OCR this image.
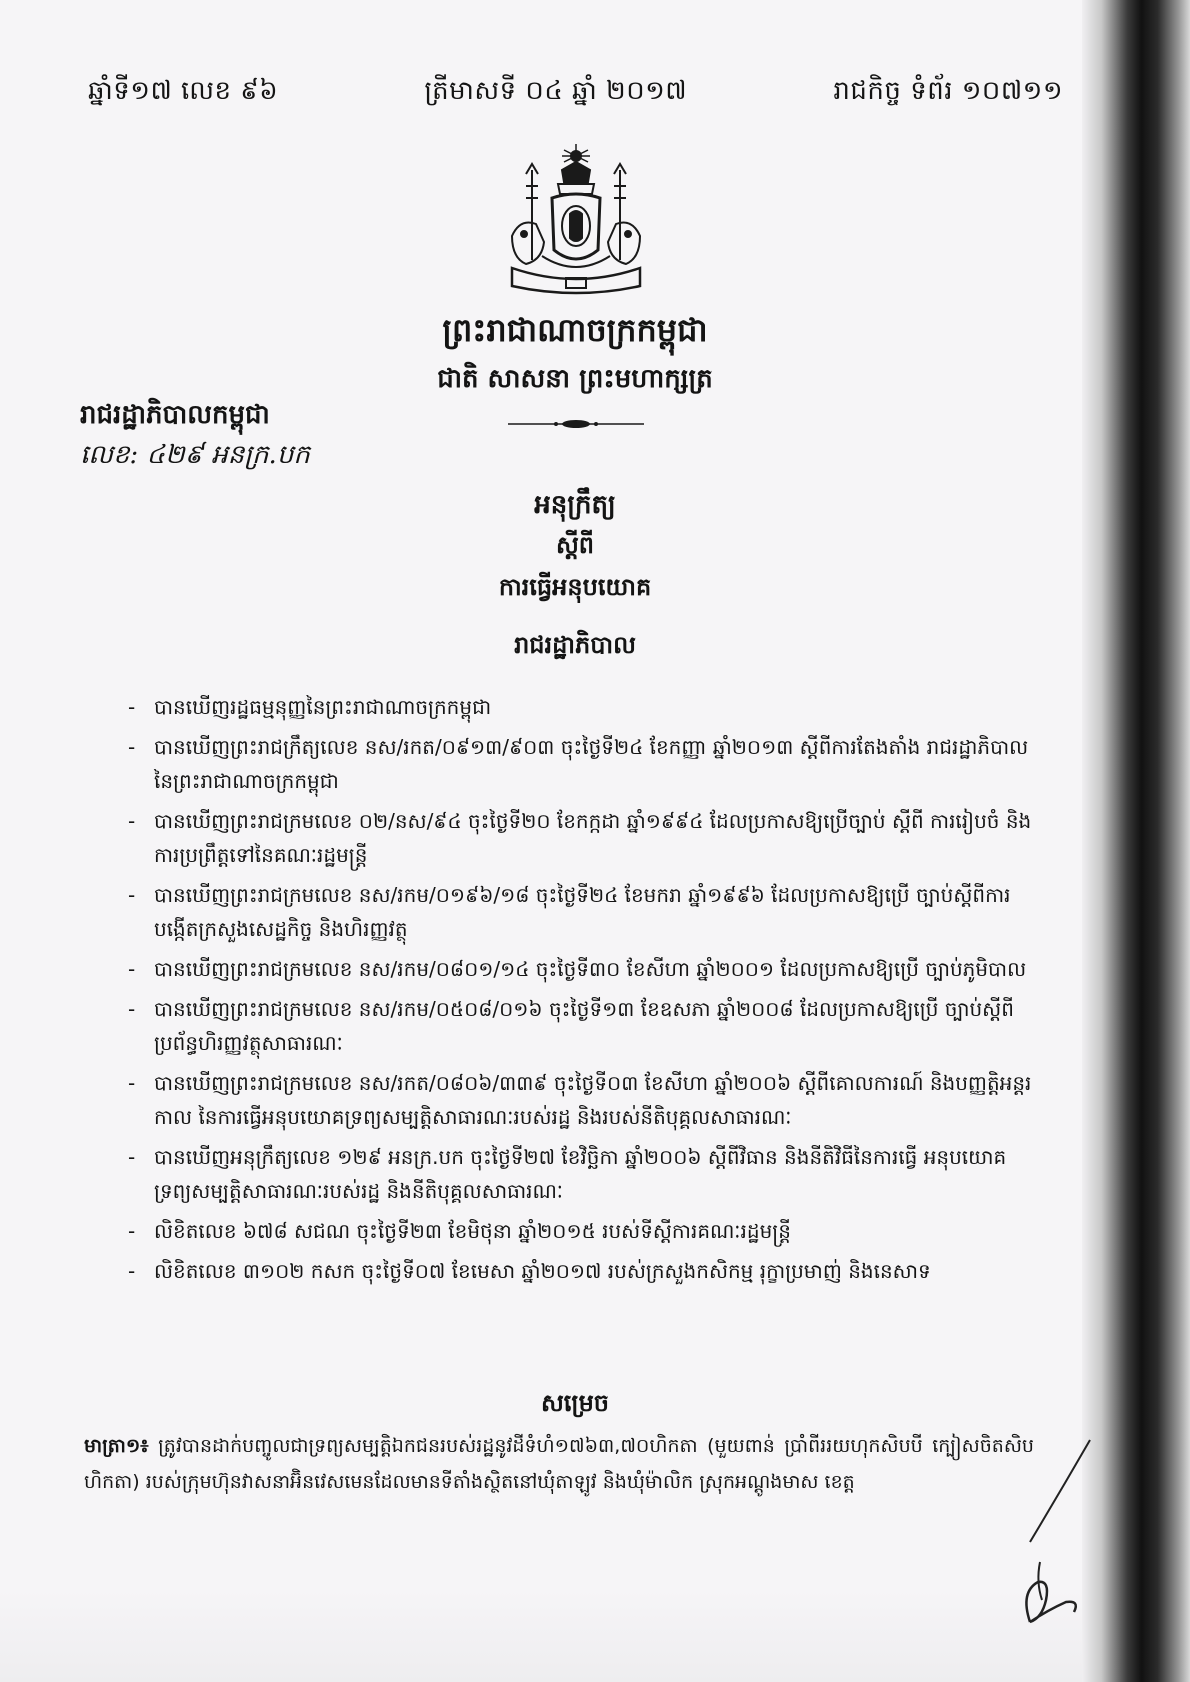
ឆ្នាំទី១៧ លេខ ៩៦	ត្រីមាសទី ០៤ ឆ្នាំ ២០១៧	រាជកិច្ច ទំព័រ ១០៧១១
ព្រះរាជាណាចក្រកម្ពុជា
ជាតិ សាសនា ព្រះមហាក្សត្រ
រាជរដ្ឋាភិបាលកម្ពុជា
លេខ: ៤២៩ អនក្រ.បក
អនុក្រឹត្យ
ស្តីពី
ការធ្វើអនុបយោគ
រាជរដ្ឋាភិបាល
- បានឃើញរដ្ឋធម្មនុញ្ញនៃព្រះរាជាណាចក្រកម្ពុជា
- បានឃើញព្រះរាជក្រឹត្យលេខ នស/រកត/០៩១៣/៩០៣ ចុះថ្ងៃទី២៤ ខែកញ្ញា ឆ្នាំ២០១៣ ស្តីពីការតែងតាំង រាជរដ្ឋាភិបាល នៃព្រះរាជាណាចក្រកម្ពុជា
- បានឃើញព្រះរាជក្រមលេខ ០២/នស/៩៤ ចុះថ្ងៃទី២០ ខែកក្កដា ឆ្នាំ១៩៩៤ ដែលប្រកាសឱ្យប្រើច្បាប់ ស្តីពី ការរៀបចំ និងការប្រព្រឹត្តទៅនៃគណៈរដ្ឋមន្ត្រី
- បានឃើញព្រះរាជក្រមលេខ នស/រកម/០១៩៦/១៨ ចុះថ្ងៃទី២៤ ខែមករា ឆ្នាំ១៩៩៦ ដែលប្រកាសឱ្យប្រើ ច្បាប់ស្តីពីការបង្កើតក្រសួងសេដ្ឋកិច្ច និងហិរញ្ញវត្ថុ
- បានឃើញព្រះរាជក្រមលេខ នស/រកម/០៨០១/១៤ ចុះថ្ងៃទី៣០ ខែសីហា ឆ្នាំ២០០១ ដែលប្រកាសឱ្យប្រើ ច្បាប់ភូមិបាល
- បានឃើញព្រះរាជក្រមលេខ នស/រកម/០៥០៨/០១៦ ចុះថ្ងៃទី១៣ ខែឧសភា ឆ្នាំ២០០៨ ដែលប្រកាសឱ្យប្រើ ច្បាប់ស្តីពីប្រព័ន្ធហិរញ្ញវត្ថុសាធារណៈ
- បានឃើញព្រះរាជក្រមលេខ នស/រកត/០៨០៦/៣៣៩ ចុះថ្ងៃទី០៣ ខែសីហា ឆ្នាំ២០០៦ ស្តីពីគោលការណ៍ និងបញ្ញត្តិអន្តរកាល នៃការធ្វើអនុបយោគទ្រព្យសម្បត្តិសាធារណៈរបស់រដ្ឋ និងរបស់នីតិបុគ្គលសាធារណៈ
- បានឃើញអនុក្រឹត្យលេខ ១២៩ អនក្រ.បក ចុះថ្ងៃទី២៧ ខែវិច្ឆិកា ឆ្នាំ២០០៦ ស្តីពីវិធាន និងនីតិវិធីនៃការធ្វើ អនុបយោគទ្រព្យសម្បត្តិសាធារណៈរបស់រដ្ឋ និងនីតិបុគ្គលសាធារណៈ
- លិខិតលេខ ៦៧៨ សជណ ចុះថ្ងៃទី២៣ ខែមិថុនា ឆ្នាំ២០១៥ របស់ទីស្តីការគណៈរដ្ឋមន្ត្រី
- លិខិតលេខ ៣១០២ កសក ចុះថ្ងៃទី០៧ ខែមេសា ឆ្នាំ២០១៧ របស់ក្រសួងកសិកម្ម រុក្ខាប្រមាញ់ និងនេសាទ
សម្រេច
មាត្រា១៖ ត្រូវបានដាក់បញ្ចូលជាទ្រព្យសម្បត្តិឯកជនរបស់រដ្ឋនូវដីទំហំ១៧៦៣,៧០ហិកតា (មួយពាន់ ប្រាំពីររយហុកសិបបី ក្បៀសចិតសិបហិកតា) របស់ក្រុមហ៊ុនវាសនាអ៊ិនវេសមេនដែលមានទីតាំងស្ថិតនៅឃុំតាឡូវ និងឃុំម៉ាលិក ស្រុកអណ្តូងមាស ខេត្ត
